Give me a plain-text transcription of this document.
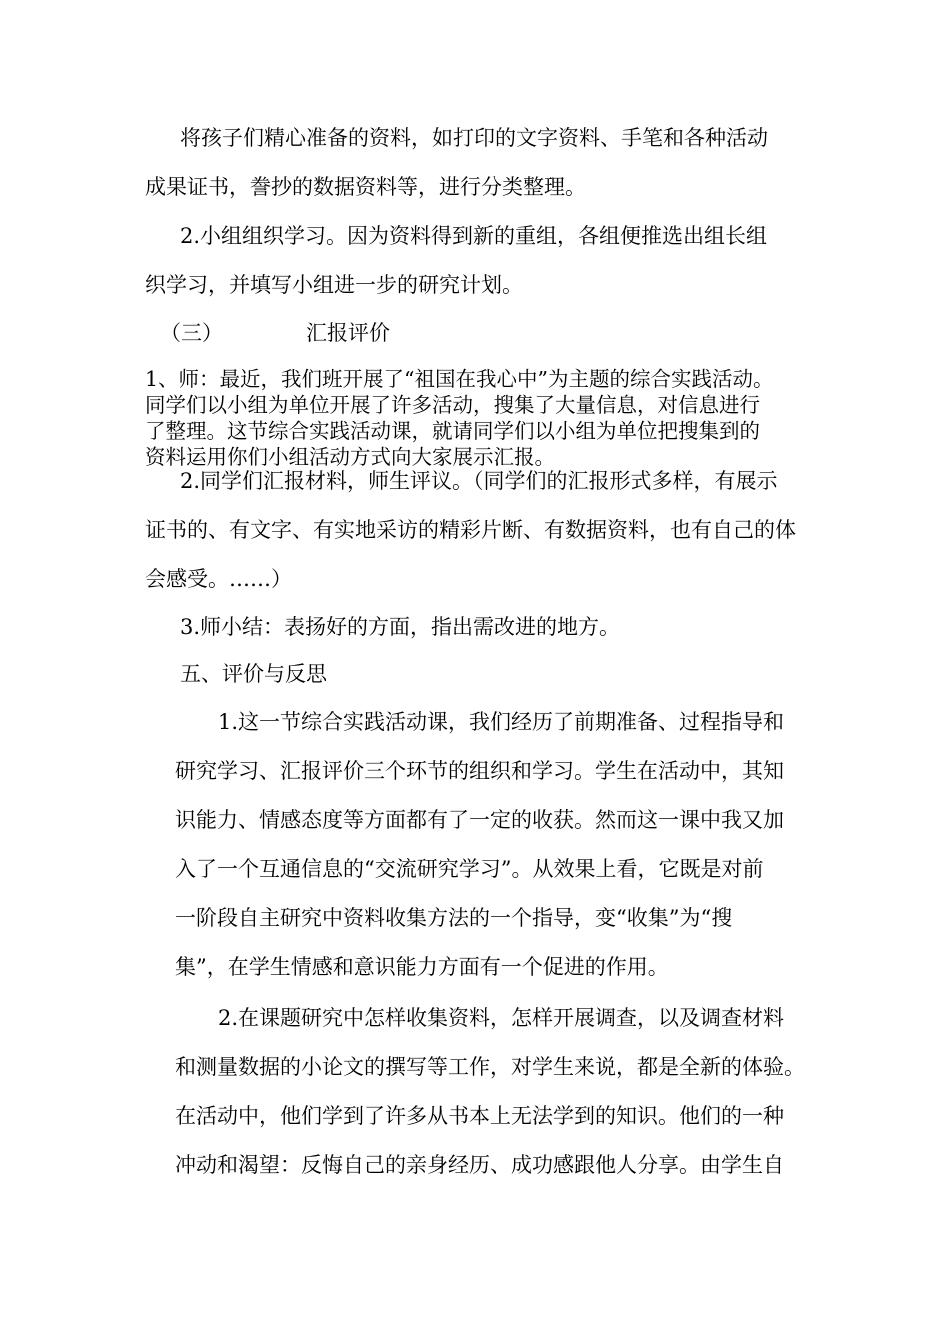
将孩子们精心准备的资料，如打印的文字资料、手笔和各种活动

成果证书，誊抄的数据资料等，进行分类整理。

2.小组组织学习。因为资料得到新的重组，各组便推选出组长组

织学习，并填写小组进一步的研究计划。

（三）	汇报评价

1、师：最近，我们班开展了“祖国在我心中”为主题的综合实践活动。

同学们以小组为单位开展了许多活动，搜集了大量信息，对信息进行

了整理。这节综合实践活动课，就请同学们以小组为单位把搜集到的

资料运用你们小组活动方式向大家展示汇报。

2.同学们汇报材料，师生评议。（同学们的汇报形式多样，有展示

证书的、有文字、有实地采访的精彩片断、有数据资料，也有自己的体

会感受。……）

3.师小结：表扬好的方面，指出需改进的地方。

五、评价与反思

1.这一节综合实践活动课，我们经历了前期准备、过程指导和

研究学习、汇报评价三个环节的组织和学习。学生在活动中，其知

识能力、情感态度等方面都有了一定的收获。然而这一课中我又加

入了一个互通信息的“交流研究学习”。从效果上看，它既是对前

一阶段自主研究中资料收集方法的一个指导，变“收集”为“搜

集”，在学生情感和意识能力方面有一个促进的作用。

2.在课题研究中怎样收集资料，怎样开展调查，以及调查材料

和测量数据的小论文的撰写等工作，对学生来说，都是全新的体验。

在活动中，他们学到了许多从书本上无法学到的知识。他们的一种

冲动和渴望：反悔自己的亲身经历、成功感跟他人分享。由学生自
